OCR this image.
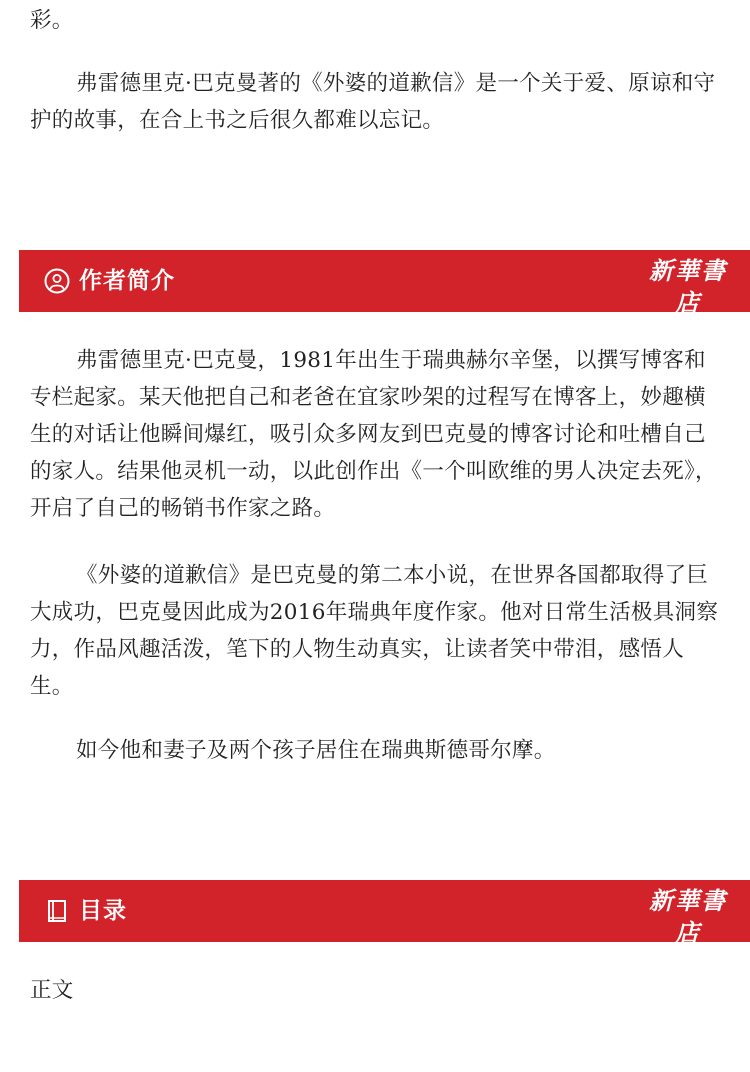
彩。

弗雷德里克·巴克曼著的《外婆的道歉信》是一个关于爱、原谅和守护的故事，在合上书之后很久都难以忘记。

作者简介	新華書店
XINHUA BOOKSTORE

弗雷德里克·巴克曼，1981年出生于瑞典赫尔辛堡，以撰写博客和专栏起家。某天他把自己和老爸在宜家吵架的过程写在博客上，妙趣横生的对话让他瞬间爆红，吸引众多网友到巴克曼的博客讨论和吐槽自己的家人。结果他灵机一动，以此创作出《一个叫欧维的男人决定去死》，开启了自己的畅销书作家之路。

《外婆的道歉信》是巴克曼的第二本小说，在世界各国都取得了巨大成功，巴克曼因此成为2016年瑞典年度作家。他对日常生活极具洞察力，作品风趣活泼，笔下的人物生动真实，让读者笑中带泪，感悟人生。

如今他和妻子及两个孩子居住在瑞典斯德哥尔摩。

目录	新華書店
XINHUA BOOKSTORE

正文
